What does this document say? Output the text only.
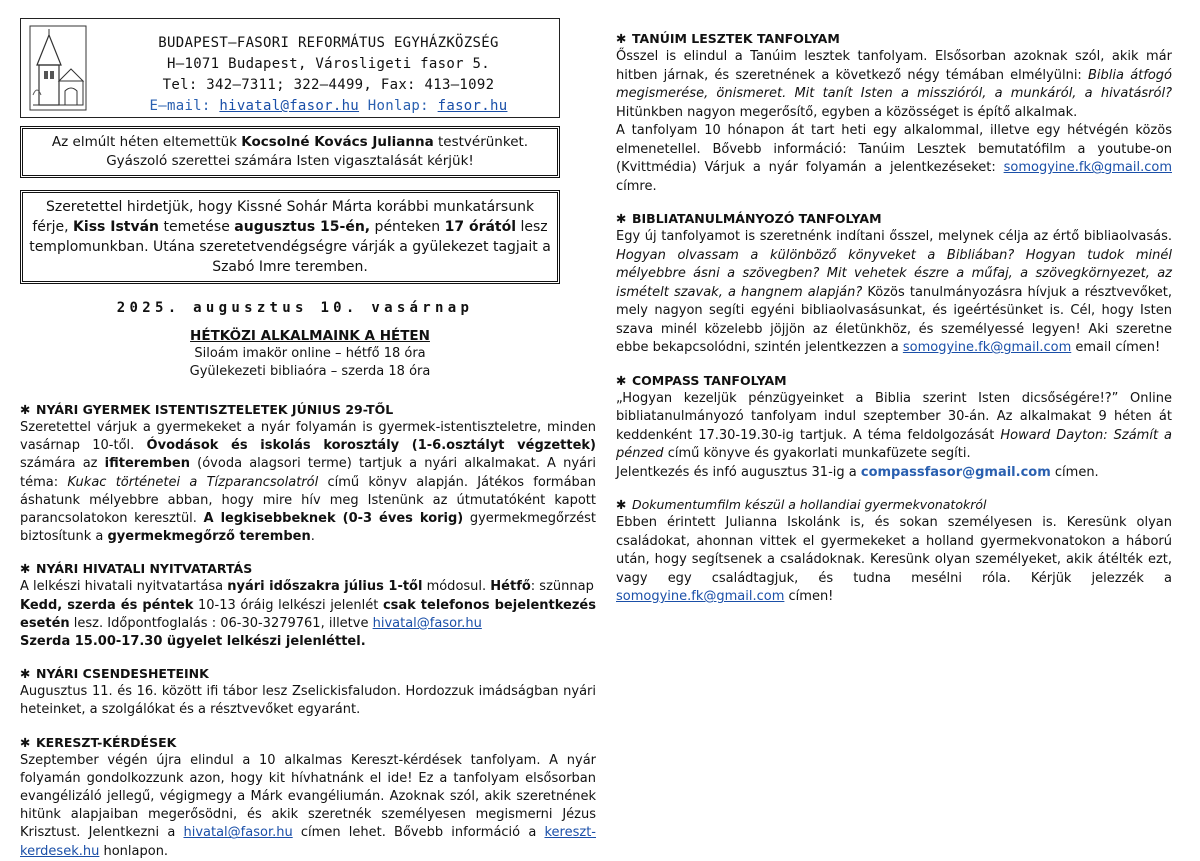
BUDAPEST–FASORI REFORMÁTUS EGYHÁZKÖZSÉG
H–1071 Budapest, Városligeti fasor 5.
Tel: 342–7311; 322–4499, Fax: 413–1092
E–mail: hivatal@fasor.hu Honlap: fasor.hu
Az elmúlt héten eltemettük Kocsolné Kovács Julianna testvérünket.
Gyászoló szerettei számára Isten vigasztalását kérjük!
Szeretettel hirdetjük, hogy Kissné Sohár Márta korábbi munkatársunk férje, Kiss István temetése augusztus 15-én, pénteken 17 órától lesz templomunkban. Utána szeretetvendégségre várják a gyülekezet tagjait a Szabó Imre teremben.
2025. augusztus 10. vasárnap
HÉTKÖZI ALKALMAINK A HÉTEN
Siloám imakör online – hétfő 18 óra
Gyülekezeti bibliaóra – szerda 18 óra
✱ NYÁRI GYERMEK ISTENTISZTELETEK JÚNIUS 29-TŐL

Szeretettel várjuk a gyermekeket a nyár folyamán is gyermek-istentiszteletre, minden vasárnap 10-től. Óvodások és iskolás korosztály (1-6.osztályt végzettek) számára az ifiteremben (óvoda alagsori terme) tartjuk a nyári alkalmakat. A nyári téma: Kukac történetei a Tízparancsolatról című könyv alapján. Játékos formában áshatunk mélyebbre abban, hogy mire hív meg Istenünk az útmutatóként kapott parancsolatokon keresztül. A legkisebbeknek (0-3 éves korig) gyermekmegőrzést biztosítunk a gyermekmegőrző teremben.

✱ NYÁRI HIVATALI NYITVATARTÁS

A lelkészi hivatali nyitvatartása nyári időszakra július 1-től módosul. Hétfő: szünnap
Kedd, szerda és péntek 10-13 óráig lelkészi jelenlét csak telefonos bejelentkezés esetén lesz. Időpontfoglalás : 06-30-3279761, illetve hivatal@fasor.hu
Szerda 15.00-17.30 ügyelet lelkészi jelenléttel.

✱ NYÁRI CSENDESHETEINK

Augusztus 11. és 16. között ifi tábor lesz Zselickisfaludon. Hordozzuk imádságban nyári heteinket, a szolgálókat és a résztvevőket egyaránt.

✱ KERESZT-KÉRDÉSEK

Szeptember végén újra elindul a 10 alkalmas Kereszt-kérdések tanfolyam. A nyár folyamán gondolkozzunk azon, hogy kit hívhatnánk el ide! Ez a tanfolyam elsősorban evangélizáló jellegű, végigmegy a Márk evangéliumán. Azoknak szól, akik szeretnének hitünk alapjaiban megerősödni, és akik szeretnék személyesen megismerni Jézus Krisztust. Jelentkezni a hivatal@fasor.hu címen lehet. Bővebb információ a kereszt-kerdesek.hu honlapon.

✱ TANÚIM LESZTEK TANFOLYAM

Ősszel is elindul a Tanúim lesztek tanfolyam. Elsősorban azoknak szól, akik már hitben járnak, és szeretnének a következő négy témában elmélyülni: Biblia átfogó megismerése, önismeret. Mit tanít Isten a misszióról, a munkáról, a hivatásról? Hitünkben nagyon megerősítő, egyben a közösséget is építő alkalmak.
A tanfolyam 10 hónapon át tart heti egy alkalommal, illetve egy hétvégén közös elmenetellel. Bővebb információ: Tanúim Lesztek bemutatófilm a youtube-on (Kvittmédia) Várjuk a nyár folyamán a jelentkezéseket: somogyine.fk@gmail.com címre.

✱ BIBLIATANULMÁNYOZÓ TANFOLYAM

Egy új tanfolyamot is szeretnénk indítani ősszel, melynek célja az értő bibliaolvasás. Hogyan olvassam a különböző könyveket a Bibliában? Hogyan tudok minél mélyebbre ásni a szövegben? Mit vehetek észre a műfaj, a szövegkörnyezet, az ismételt szavak, a hangnem alapján? Közös tanulmányozásra hívjuk a résztvevőket, mely nagyon segíti egyéni bibliaolvasásunkat, és igeértésünket is. Cél, hogy Isten szava minél közelebb jöjjön az életünkhöz, és személyessé legyen! Aki szeretne ebbe bekapcsolódni, szintén jelentkezzen a somogyine.fk@gmail.com email címen!

✱ COMPASS TANFOLYAM

„Hogyan kezeljük pénzügyeinket a Biblia szerint Isten dicsőségére!?” Online bibliatanulmányozó tanfolyam indul szeptember 30-án. Az alkalmakat 9 héten át keddenként 17.30-19.30-ig tartjuk. A téma feldolgozását Howard Dayton: Számít a pénzed című könyve és gyakorlati munkafüzete segíti.
Jelentkezés és infó augusztus 31-ig a compassfasor@gmail.com címen.

✱ Dokumentumfilm készül a hollandiai gyermekvonatokról

Ebben érintett Julianna Iskolánk is, és sokan személyesen is. Keresünk olyan családokat, ahonnan vittek el gyermekeket a holland gyermekvonatokon a háború után, hogy segítsenek a családoknak. Keresünk olyan személyeket, akik átélték ezt, vagy egy családtagjuk, és tudna mesélni róla. Kérjük jelezzék a somogyine.fk@gmail.com címen!
